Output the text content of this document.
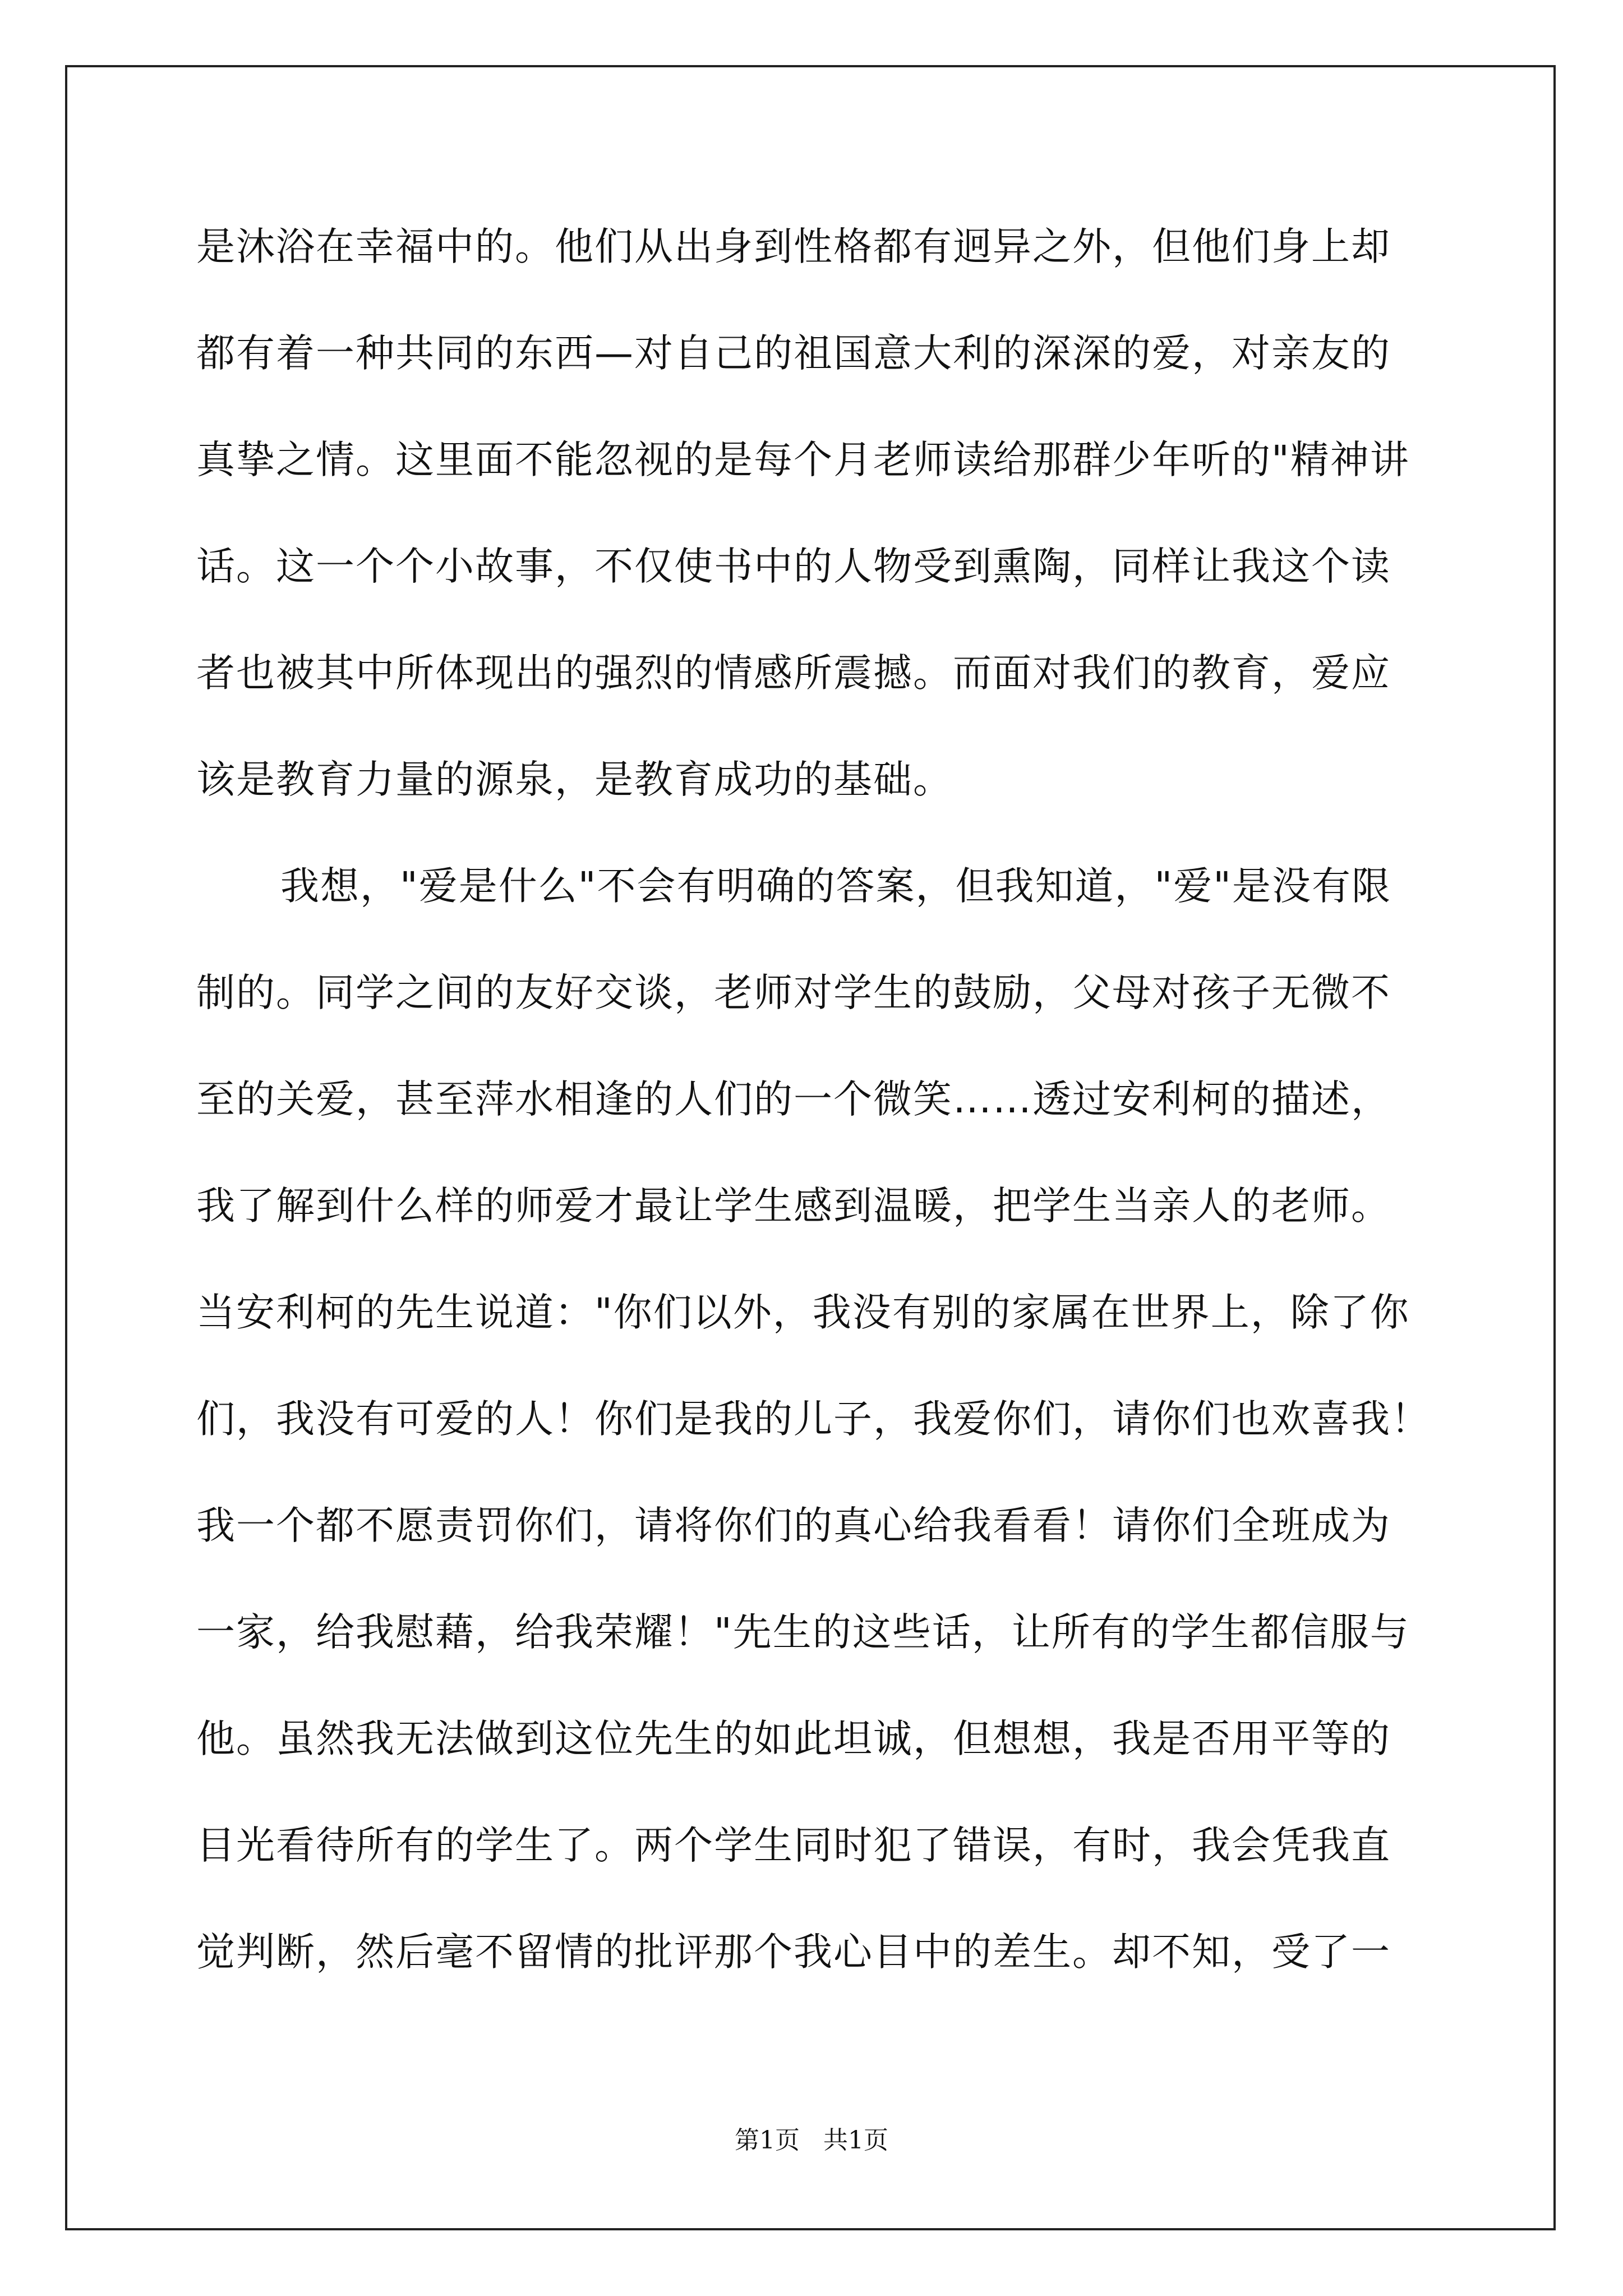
是沐浴在幸福中的。他们从出身到性格都有迥异之外，但他们身上却
都有着一种共同的东西—对自己的祖国意大利的深深的爱，对亲友的
真挚之情。这里面不能忽视的是每个月老师读给那群少年听的"精神讲
话。这一个个小故事，不仅使书中的人物受到熏陶，同样让我这个读
者也被其中所体现出的强烈的情感所震撼。而面对我们的教育，爱应
该是教育力量的源泉，是教育成功的基础。
我想，"爱是什么"不会有明确的答案，但我知道，"爱"是没有限
制的。同学之间的友好交谈，老师对学生的鼓励，父母对孩子无微不
至的关爱，甚至萍水相逢的人们的一个微笑……透过安利柯的描述，
我了解到什么样的师爱才最让学生感到温暖，把学生当亲人的老师。
当安利柯的先生说道："你们以外，我没有别的家属在世界上，除了你
们，我没有可爱的人！你们是我的儿子，我爱你们，请你们也欢喜我！
我一个都不愿责罚你们，请将你们的真心给我看看！请你们全班成为
一家，给我慰藉，给我荣耀！"先生的这些话，让所有的学生都信服与
他。虽然我无法做到这位先生的如此坦诚，但想想，我是否用平等的
目光看待所有的学生了。两个学生同时犯了错误，有时，我会凭我直
觉判断，然后毫不留情的批评那个我心目中的差生。却不知，受了一
第1页   共1页
